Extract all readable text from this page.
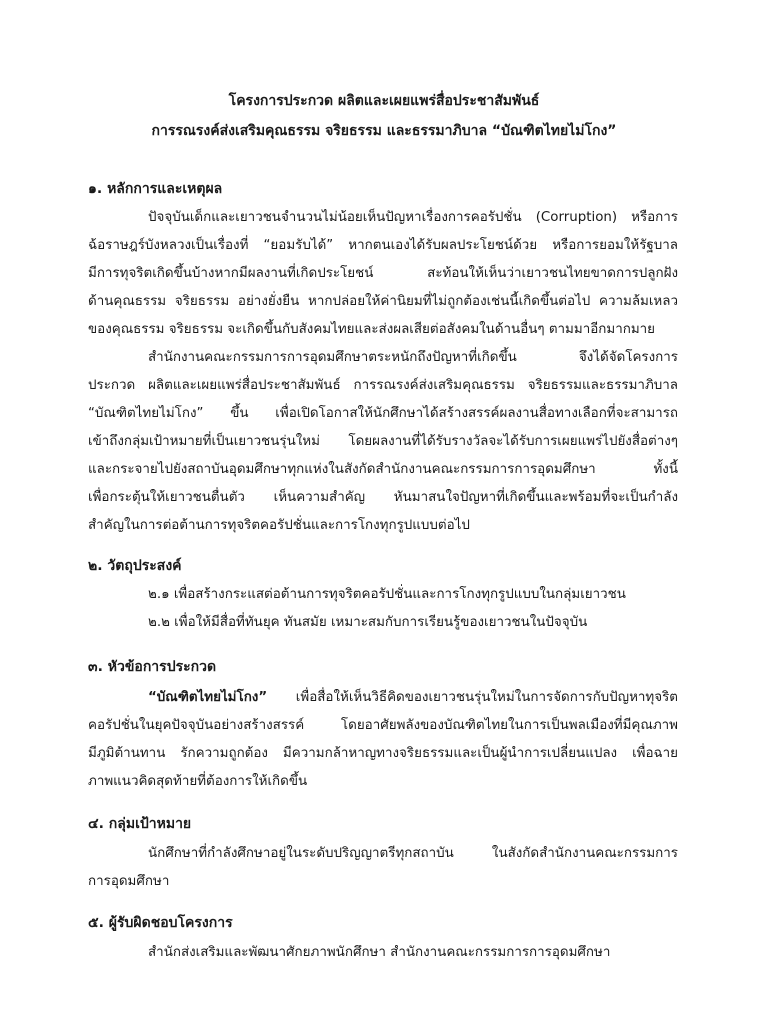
โครงการประกวด ผลิตและเผยแพร่สื่อประชาสัมพันธ์
การรณรงค์ส่งเสริมคุณธรรม จริยธรรม และธรรมาภิบาล “บัณฑิตไทยไม่โกง”
๑. หลักการและเหตุผล
ปัจจุบันเด็กและเยาวชนจำนวนไม่น้อยเห็นปัญหาเรื่องการคอรัปชั่น (Corruption) หรือการ
ฉ้อราษฎร์บังหลวงเป็นเรื่องที่ “ยอมรับได้” หากตนเองได้รับผลประโยชน์ด้วย หรือการยอมให้รัฐบาล
มีการทุจริตเกิดขึ้นบ้างหากมีผลงานที่เกิดประโยชน์ สะท้อนให้เห็นว่าเยาวชนไทยขาดการปลูกฝัง
ด้านคุณธรรม จริยธรรม อย่างยั่งยืน หากปล่อยให้ค่านิยมที่ไม่ถูกต้องเช่นนี้เกิดขึ้นต่อไป ความล้มเหลว
ของคุณธรรม จริยธรรม จะเกิดขึ้นกับสังคมไทยและส่งผลเสียต่อสังคมในด้านอื่นๆ ตามมาอีกมากมาย
สำนักงานคณะกรรมการการอุดมศึกษาตระหนักถึงปัญหาที่เกิดขึ้น จึงได้จัดโครงการ
ประกวด ผลิตและเผยแพร่สื่อประชาสัมพันธ์ การรณรงค์ส่งเสริมคุณธรรม จริยธรรมและธรรมาภิบาล
“บัณฑิตไทยไม่โกง” ขึ้น เพื่อเปิดโอกาสให้นักศึกษาได้สร้างสรรค์ผลงานสื่อทางเลือกที่จะสามารถ
เข้าถึงกลุ่มเป้าหมายที่เป็นเยาวชนรุ่นใหม่ โดยผลงานที่ได้รับรางวัลจะได้รับการเผยแพร่ไปยังสื่อต่างๆ
และกระจายไปยังสถาบันอุดมศึกษาทุกแห่งในสังกัดสำนักงานคณะกรรมการการอุดมศึกษา ทั้งนี้
เพื่อกระตุ้นให้เยาวชนตื่นตัว เห็นความสำคัญ หันมาสนใจปัญหาที่เกิดขึ้นและพร้อมที่จะเป็นกำลัง
สำคัญในการต่อต้านการทุจริตคอรัปชั่นและการโกงทุกรูปแบบต่อไป
๒. วัตถุประสงค์
๒.๑ เพื่อสร้างกระแสต่อต้านการทุจริตคอรัปชั่นและการโกงทุกรูปแบบในกลุ่มเยาวชน
๒.๒ เพื่อให้มีสื่อที่ทันยุค ทันสมัย เหมาะสมกับการเรียนรู้ของเยาวชนในปัจจุบัน
๓. หัวข้อการประกวด
“บัณฑิตไทยไม่โกง” เพื่อสื่อให้เห็นวิธีคิดของเยาวชนรุ่นใหม่ในการจัดการกับปัญหาทุจริต
คอรัปชั่นในยุคปัจจุบันอย่างสร้างสรรค์ โดยอาศัยพลังของบัณฑิตไทยในการเป็นพลเมืองที่มีคุณภาพ
มีภูมิต้านทาน รักความถูกต้อง มีความกล้าหาญทางจริยธรรมและเป็นผู้นำการเปลี่ยนแปลง เพื่อฉาย
ภาพแนวคิดสุดท้ายที่ต้องการให้เกิดขึ้น
๔. กลุ่มเป้าหมาย
นักศึกษาที่กำลังศึกษาอยู่ในระดับปริญญาตรีทุกสถาบัน ในสังกัดสำนักงานคณะกรรมการ
การอุดมศึกษา
๕. ผู้รับผิดชอบโครงการ
สำนักส่งเสริมและพัฒนาศักยภาพนักศึกษา สำนักงานคณะกรรมการการอุดมศึกษา
